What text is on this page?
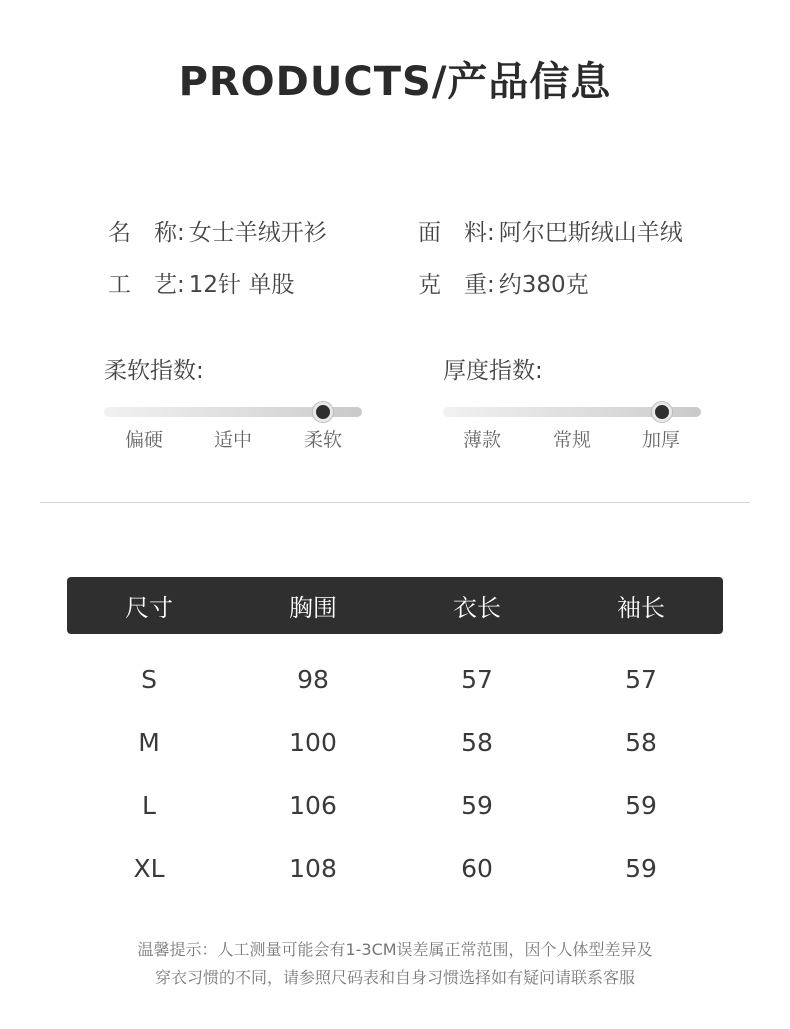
PRODUCTS/产品信息
名　称: 女士羊绒开衫	面　料: 阿尔巴斯绒山羊绒
工　艺: 12针 单股	克　重: 约380克
柔软指数:
偏硬	适中	柔软
厚度指数:
薄款	常规	加厚
尺寸	胸围	衣长	袖长
S	98	57	57
M	100	58	58
L	106	59	59
XL	108	60	59
温馨提示：人工测量可能会有1-3CM误差属正常范围，因个人体型差异及
穿衣习惯的不同，请参照尺码表和自身习惯选择如有疑问请联系客服
